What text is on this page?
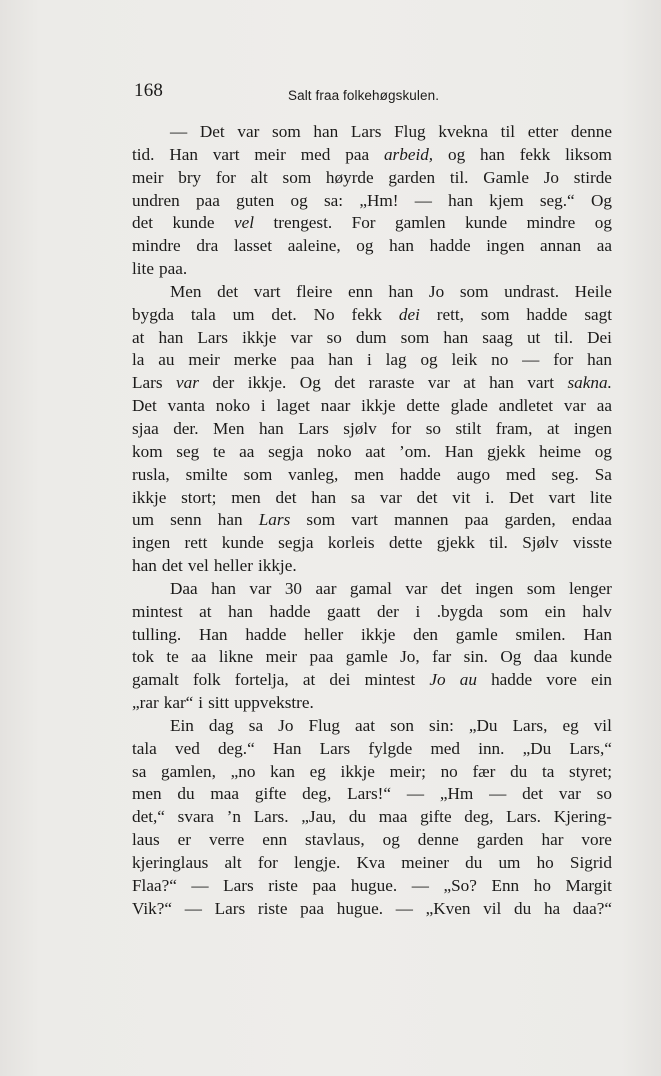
168	Salt fraa folkehøgskulen.
— Det var som han Lars Flug kvekna til etter denne
tid. Han vart meir med paa arbeid, og han fekk liksom
meir bry for alt som høyrde garden til. Gamle Jo stirde
undren paa guten og sa: „Hm! — han kjem seg.“ Og
det kunde vel trengest. For gamlen kunde mindre og
mindre dra lasset aaleine, og han hadde ingen annan aa
lite paa.
Men det vart fleire enn han Jo som undrast. Heile
bygda tala um det. No fekk dei rett, som hadde sagt
at han Lars ikkje var so dum som han saag ut til. Dei
la au meir merke paa han i lag og leik no — for han
Lars var der ikkje. Og det raraste var at han vart sakna.
Det vanta noko i laget naar ikkje dette glade andletet var aa
sjaa der. Men han Lars sjølv for so stilt fram, at ingen
kom seg te aa segja noko aat ’om. Han gjekk heime og
rusla, smilte som vanleg, men hadde augo med seg. Sa
ikkje stort; men det han sa var det vit i. Det vart lite
um senn han Lars som vart mannen paa garden, endaa
ingen rett kunde segja korleis dette gjekk til. Sjølv visste
han det vel heller ikkje.
Daa han var 30 aar gamal var det ingen som lenger
mintest at han hadde gaatt der i .bygda som ein halv
tulling. Han hadde heller ikkje den gamle smilen. Han
tok te aa likne meir paa gamle Jo, far sin. Og daa kunde
gamalt folk fortelja, at dei mintest Jo au hadde vore ein
„rar kar“ i sitt uppvekstre.
Ein dag sa Jo Flug aat son sin: „Du Lars, eg vil
tala ved deg.“ Han Lars fylgde med inn. „Du Lars,“
sa gamlen, „no kan eg ikkje meir; no fær du ta styret;
men du maa gifte deg, Lars!“ — „Hm — det var so
det,“ svara ’n Lars. „Jau, du maa gifte deg, Lars. Kjering-
laus er verre enn stavlaus, og denne garden har vore
kjeringlaus alt for lengje. Kva meiner du um ho Sigrid
Flaa?“ — Lars riste paa hugue. — „So? Enn ho Margit
Vik?“ — Lars riste paa hugue. — „Kven vil du ha daa?“
